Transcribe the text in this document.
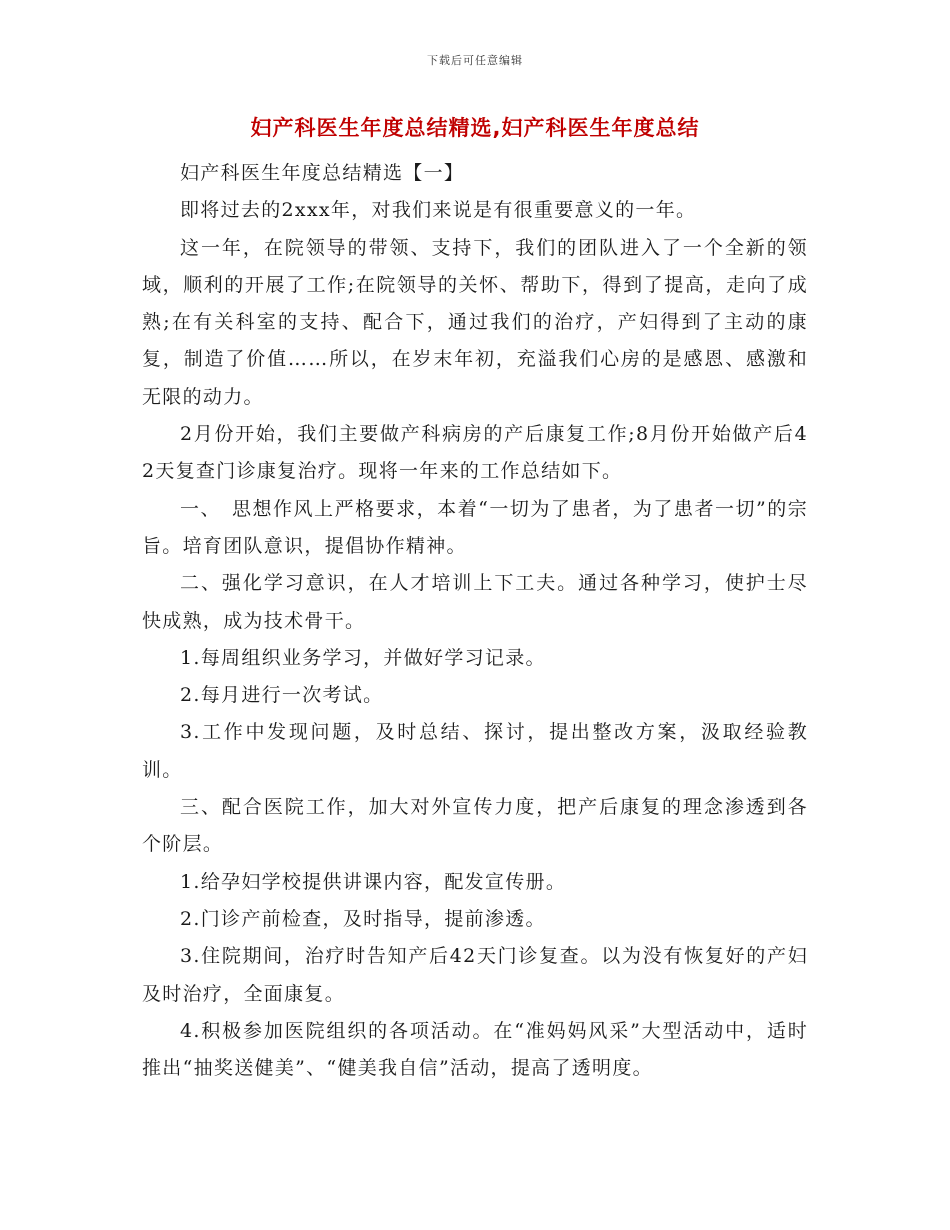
下载后可任意编辑
妇产科医生年度总结精选,妇产科医生年度总结

妇产科医生年度总结精选【一】

即将过去的2xxx年，对我们来说是有很重要意义的一年。

这一年，在院领导的带领、支持下，我们的团队进入了一个全新的领域，顺利的开展了工作;在院领导的关怀、帮助下，得到了提高，走向了成熟;在有关科室的支持、配合下，通过我们的治疗，产妇得到了主动的康复，制造了价值……所以，在岁末年初，充溢我们心房的是感恩、感激和无限的动力。

2月份开始，我们主要做产科病房的产后康复工作;8月份开始做产后42天复查门诊康复治疗。现将一年来的工作总结如下。

一、　思想作风上严格要求，本着“一切为了患者，为了患者一切”的宗旨。培育团队意识，提倡协作精神。

二、强化学习意识，在人才培训上下工夫。通过各种学习，使护士尽快成熟，成为技术骨干。

1.每周组织业务学习，并做好学习记录。

2.每月进行一次考试。

3.工作中发现问题，及时总结、探讨，提出整改方案，汲取经验教训。

三、配合医院工作，加大对外宣传力度，把产后康复的理念渗透到各个阶层。

1.给孕妇学校提供讲课内容，配发宣传册。

2.门诊产前检查，及时指导，提前渗透。

3.住院期间，治疗时告知产后42天门诊复查。以为没有恢复好的产妇及时治疗，全面康复。

4.积极参加医院组织的各项活动。在“准妈妈风采”大型活动中，适时推出“抽奖送健美”、“健美我自信”活动，提高了透明度。
